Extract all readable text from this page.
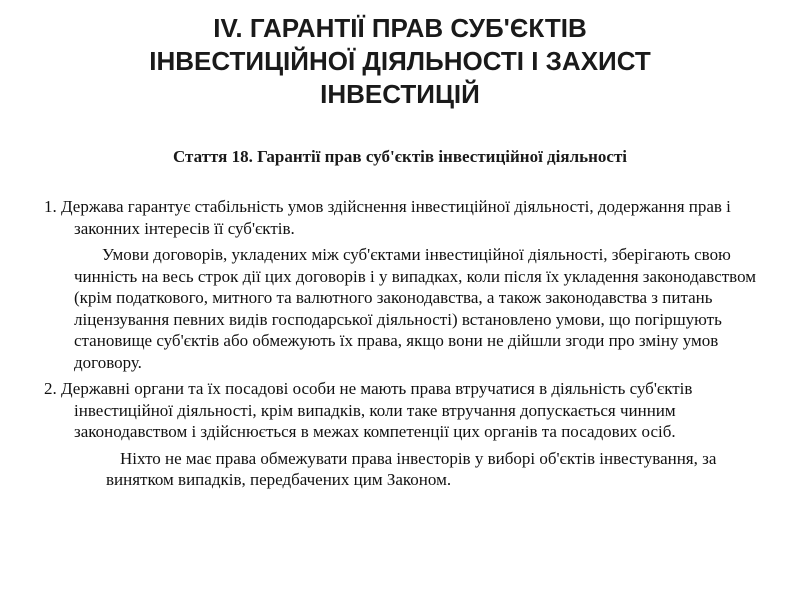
IV. ГАРАНТІЇ ПРАВ СУБ'ЄКТІВ
ІНВЕСТИЦІЙНОЇ ДІЯЛЬНОСТІ І ЗАХИСТ
ІНВЕСТИЦІЙ
Стаття 18. Гарантії прав суб'єктів інвестиційної діяльності

1. Держава гарантує стабільність умов здійснення інвестиційної діяльності, додержання прав і законних інтересів її суб'єктів.

Умови договорів, укладених між суб'єктами інвестиційної діяльності, зберігають свою чинність на весь строк дії цих договорів і у випадках, коли після їх укладення законодавством (крім податкового, митного та валютного законодавства, а також законодавства з питань ліцензування певних видів господарської діяльності) встановлено умови, що погіршують становище суб'єктів або обмежують їх права, якщо вони не дійшли згоди про зміну умов договору.

2. Державні органи та їх посадові особи не мають права втручатися в діяльність суб'єктів інвестиційної діяльності, крім випадків, коли таке втручання допускається чинним законодавством і здійснюється в межах компетенції цих органів та посадових осіб.

Ніхто не має права обмежувати права інвесторів у виборі об'єктів інвестування, за винятком випадків, передбачених цим Законом.
